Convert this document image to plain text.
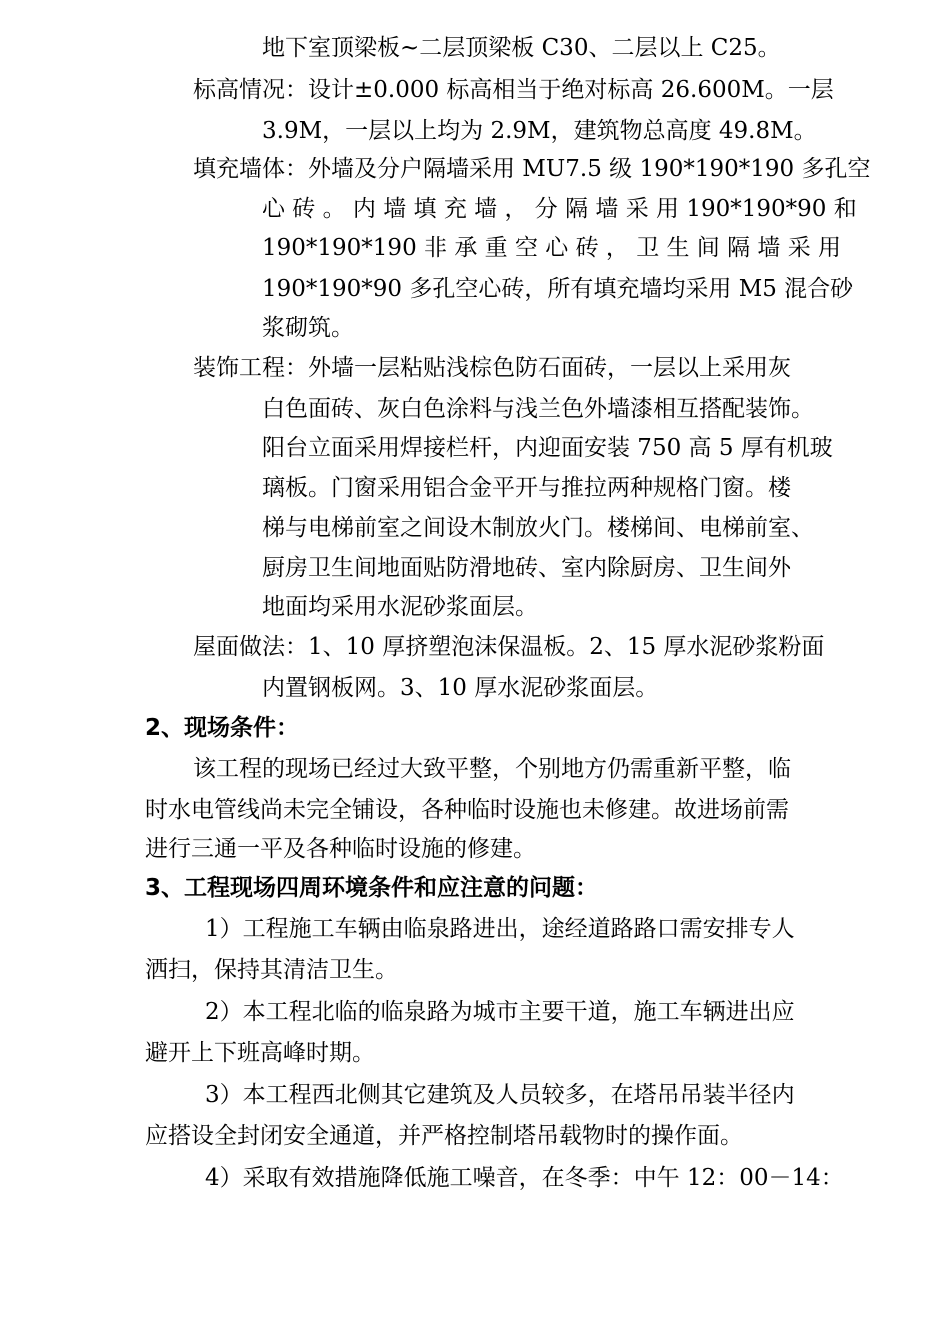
地下室顶梁板~二层顶梁板 C30、二层以上 C25。
标高情况：设计±0.000 标高相当于绝对标高 26.600M。一层
3.9M，一层以上均为 2.9M，建筑物总高度 49.8M。
填充墙体：外墙及分户隔墙采用 MU7.5 级 190*190*190 多孔空
心 砖 。 内 墙 填 充 墙 ， 分 隔 墙 采 用 190*190*90 和
190*190*190 非 承 重 空 心 砖 ， 卫 生 间 隔 墙 采 用
190*190*90 多孔空心砖，所有填充墙均采用 M5 混合砂
浆砌筑。
装饰工程：外墙一层粘贴浅棕色防石面砖，一层以上采用灰
白色面砖、灰白色涂料与浅兰色外墙漆相互搭配装饰。
阳台立面采用焊接栏杆，内迎面安装 750 高 5 厚有机玻
璃板。门窗采用铝合金平开与推拉两种规格门窗。楼
梯与电梯前室之间设木制放火门。楼梯间、电梯前室、
厨房卫生间地面贴防滑地砖、室内除厨房、卫生间外
地面均采用水泥砂浆面层。
屋面做法：1、10 厚挤塑泡沫保温板。2、15 厚水泥砂浆粉面
内置钢板网。3、10 厚水泥砂浆面层。
2、现场条件：
该工程的现场已经过大致平整，个别地方仍需重新平整，临
时水电管线尚未完全铺设，各种临时设施也未修建。故进场前需
进行三通一平及各种临时设施的修建。
3、工程现场四周环境条件和应注意的问题：
1）工程施工车辆由临泉路进出，途经道路路口需安排专人
洒扫，保持其清洁卫生。
2）本工程北临的临泉路为城市主要干道，施工车辆进出应
避开上下班高峰时期。
3）本工程西北侧其它建筑及人员较多，在塔吊吊装半径内
应搭设全封闭安全通道，并严格控制塔吊载物时的操作面。
4）采取有效措施降低施工噪音，在冬季：中午 12：00－14：
